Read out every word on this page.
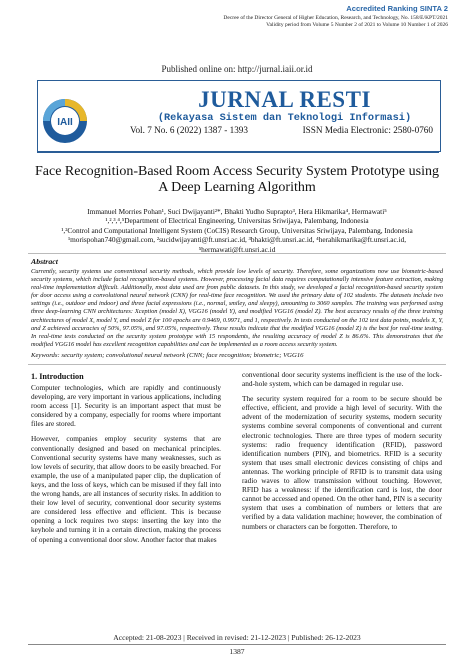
Accredited Ranking SINTA 2
Decree of the Director General of Higher Education, Research, and Technology, No. 158/E/KPT/2021
Validity period from Volume 5 Number 2 of 2021 to Volume 10 Number 1 of 2026
Published online on: http://jurnal.iaii.or.id
IAII
JURNAL RESTI
(Rekayasa Sistem dan Teknologi Informasi)
Vol. 7 No. 6 (2022) 1387 - 1393	ISSN Media Electronic: 2580-0760
Face Recognition-Based Room Access Security System Prototype using
A Deep Learning Algorithm
Immanuel Morries Pohan¹, Suci Dwijayanti²*, Bhakti Yudho Suprapto³, Hera Hikmarika⁴, Hermawati⁵
¹,²,³,⁴,⁵Department of Electrical Engineering, Universitas Sriwijaya, Palembang, Indonesia
¹,²Control and Computational Intelligent System (CoCIS) Research Group, Universitas Sriwijaya, Palembang, Indonesia
¹morispohan740@gmail.com, ²sucidwijayanti@ft.unsri.ac.id, ³bhakti@ft.unsri.ac.id, ⁴herahikmarika@ft.unsri.ac.id,
⁵hermawati@ft.unsri.ac.id
Abstract
Currently, security systems use conventional security methods, which provide low levels of security. Therefore, some organizations now use biometric-based security systems, which include facial recognition-based systems. However, processing facial data requires computationally intensive feature extraction, making real-time implementation difficult. Additionally, most data used are from public datasets. In this study, we developed a facial recognition-based security system for door access using a convolutional neural network (CNN) for real-time face recognition. We used the primary data of 102 students. The datasets include two settings (i.e., outdoor and indoor) and three facial expressions (i.e., normal, smiley, and sleepy), amounting to 3060 samples. The training was performed using three deep-learning CNN architectures: Xception (model X), VGG16 (model Y), and modified VGG16 (model Z). The best accuracy results of the three training architectures of model X, model Y, and model Z for 100 epochs are 0.9469, 0.9971, and 1, respectively. In tests conducted on the 102 test data points, models X, Y, and Z achieved accuracies of 50%, 97.05%, and 97.05%, respectively. These results indicate that the modified VGG16 (model Z) is the best for real-time testing. In real-time tests conducted on the security system prototype with 15 respondents, the resulting accuracy of model Z is 86.6%. This demonstrates that the modified VGG16 model has excellent recognition capabilities and can be implemented as a room access security system.
Keywords: security system; convolutional neural network (CNN; face recognition; biometric; VGG16
1. Introduction

Computer technologies, which are rapidly and continuously developing, are very important in various applications, including room access [1]. Security is an important aspect that must be considered by a company, especially for rooms where important files are stored.

However, companies employ security systems that are conventionally designed and based on mechanical principles. Conventional security systems have many weaknesses, such as low levels of security, that allow doors to be easily breached. For example, the use of a manipulated paper clip, the duplication of keys, and the loss of keys, which can be misused if they fall into the wrong hands, are all instances of security risks. In addition to their low level of security, conventional door security systems are considered less effective and efficient. This is because opening a lock requires two steps: inserting the key into the keyhole and turning it in a certain direction, making the process of opening a conventional door slow. Another factor that makes

conventional door security systems inefficient is the use of the lock-and-hole system, which can be damaged in regular use.

The security system required for a room to be secure should be effective, efficient, and provide a high level of security. With the advent of the modernization of security systems, modern security systems combine several components of conventional and current electronic technologies. There are three types of modern security systems: radio frequency identification (RFID), password identification numbers (PIN), and biometrics. RFID is a security system that uses small electronic devices consisting of chips and antennas. The working principle of RFID is to transmit data using radio waves to allow transmission without touching. However, RFID has a weakness: if the identification card is lost, the door cannot be accessed and opened. On the other hand, PIN is a security system that uses a combination of numbers or letters that are verified by a data validation machine; however, the combination of numbers or characters can be forgotten. Therefore, to

Accepted: 21-08-2023 | Received in revised: 21-12-2023 | Published: 26-12-2023
1387
